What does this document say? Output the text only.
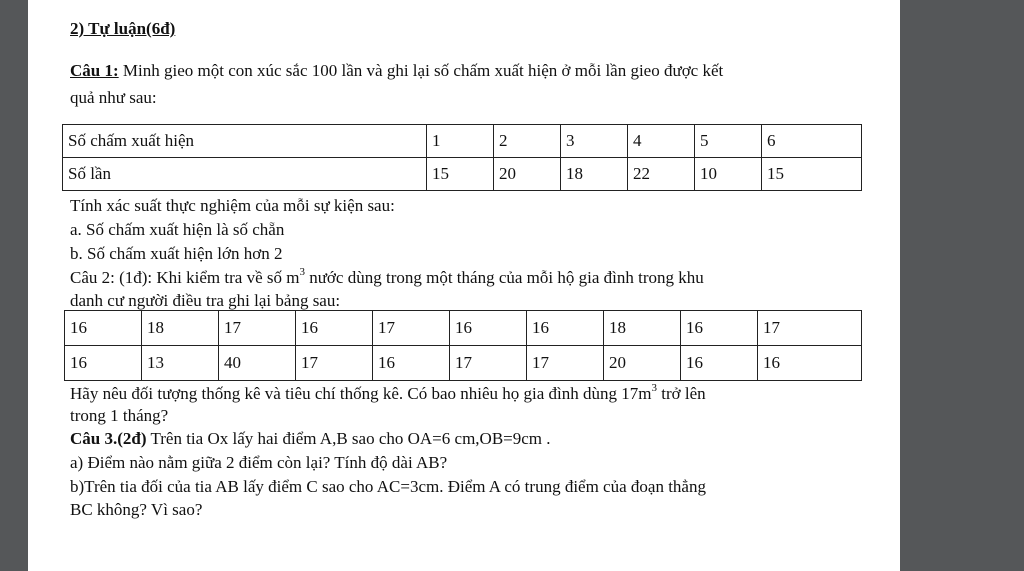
2) Tự luận(6đ)
Câu 1: Minh gieo một con xúc sắc 100 lần và ghi lại số chấm xuất hiện ở mỗi lần gieo được kết
quả như sau:
Số chấm xuất hiện	1	2	3	4	5	6
Số lần	15	20	18	22	10	15
Tính xác suất thực nghiệm của mỗi sự kiện sau:
a. Số chấm xuất hiện là số chẵn
b. Số chấm xuất hiện lớn hơn 2
Câu 2: (1đ): Khi kiểm tra về số $m^3$ nước dùng trong một tháng của mỗi hộ gia đình trong khu
danh cư người điều tra ghi lại bảng sau:
16	18	17	16	17	16	16	18	16	17
16	13	40	17	16	17	17	20	16	16
Hãy nêu đối tượng thống kê và tiêu chí thống kê. Có bao nhiêu họ gia đình dùng $17m^3$ trở lên
trong 1 tháng?
Câu 3.(2đ) Trên tia Ox lấy hai điểm A,B sao cho OA=6 cm,OB=9cm .
a) Điểm nào nằm giữa 2 điểm còn lại? Tính độ dài AB?
b)Trên tia đối của tia AB lấy điểm C sao cho AC=3cm. Điểm A có trung điểm của đoạn thẳng
BC không? Vì sao?
